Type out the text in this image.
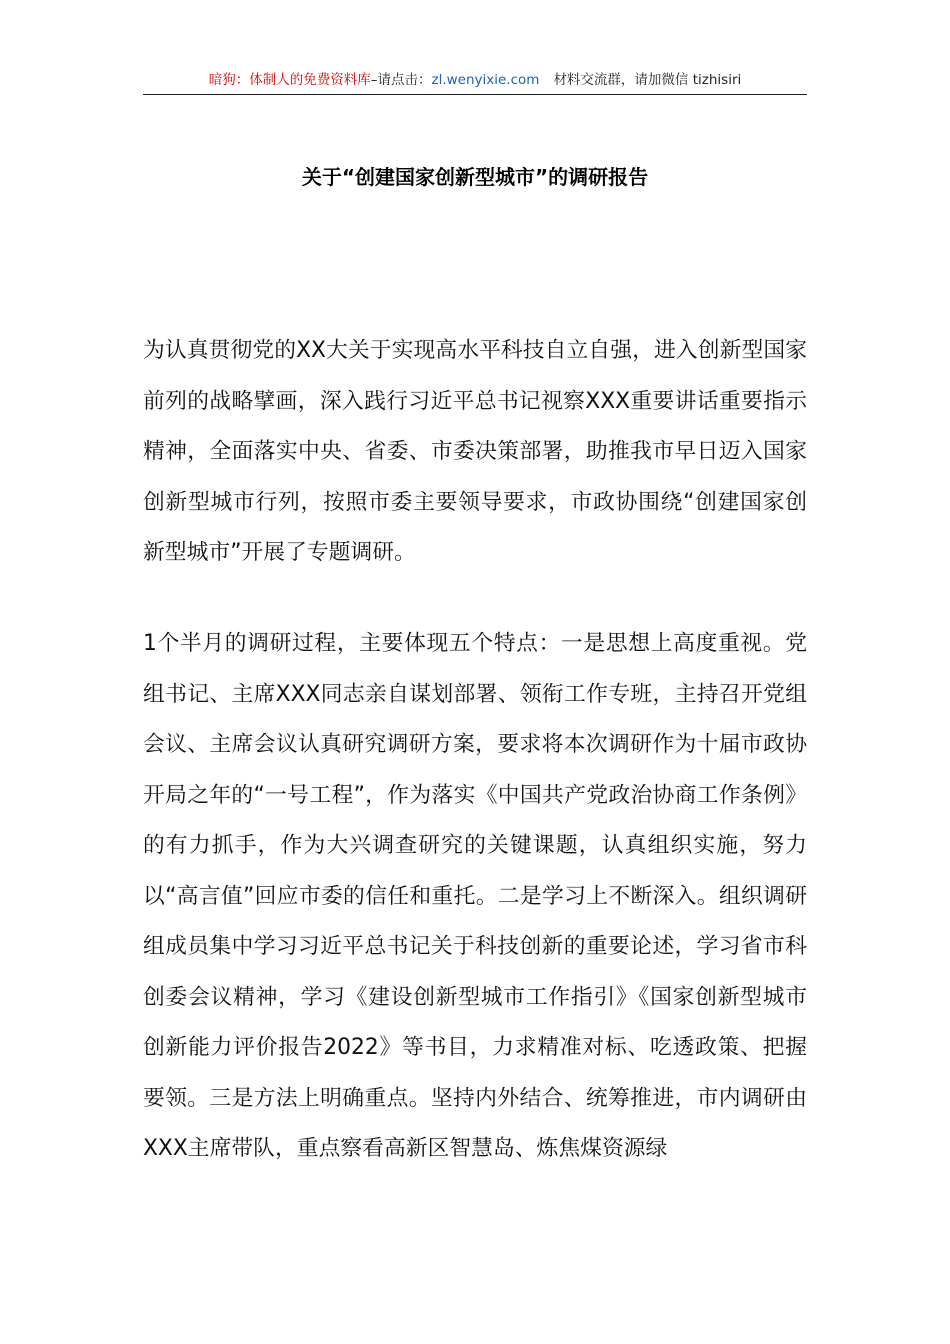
暗狗：体制人的免费资料库–请点击：zl.wenyixie.com 材料交流群，请加微信 tizhisiri
关于“创建国家创新型城市”的调研报告

为认真贯彻党的XX大关于实现高水平科技自立自强，进入创新型国家前列的战略擘画，深入践行习近平总书记视察XXX重要讲话重要指示精神，全面落实中央、省委、市委决策部署，助推我市早日迈入国家创新型城市行列，按照市委主要领导要求，市政协围绕“创建国家创新型城市”开展了专题调研。

1个半月的调研过程，主要体现五个特点：一是思想上高度重视。党组书记、主席XXX同志亲自谋划部署、领衔工作专班，主持召开党组会议、主席会议认真研究调研方案，要求将本次调研作为十届市政协开局之年的“一号工程”，作为落实《中国共产党政治协商工作条例》的有力抓手，作为大兴调查研究的关键课题，认真组织实施，努力以“高言值”回应市委的信任和重托。二是学习上不断深入。组织调研组成员集中学习习近平总书记关于科技创新的重要论述，学习省市科创委会议精神，学习《建设创新型城市工作指引》《国家创新型城市创新能力评价报告2022》等书目，力求精准对标、吃透政策、把握要领。三是方法上明确重点。坚持内外结合、统筹推进，市内调研由XXX主席带队，重点察看高新区智慧岛、炼焦煤资源绿
